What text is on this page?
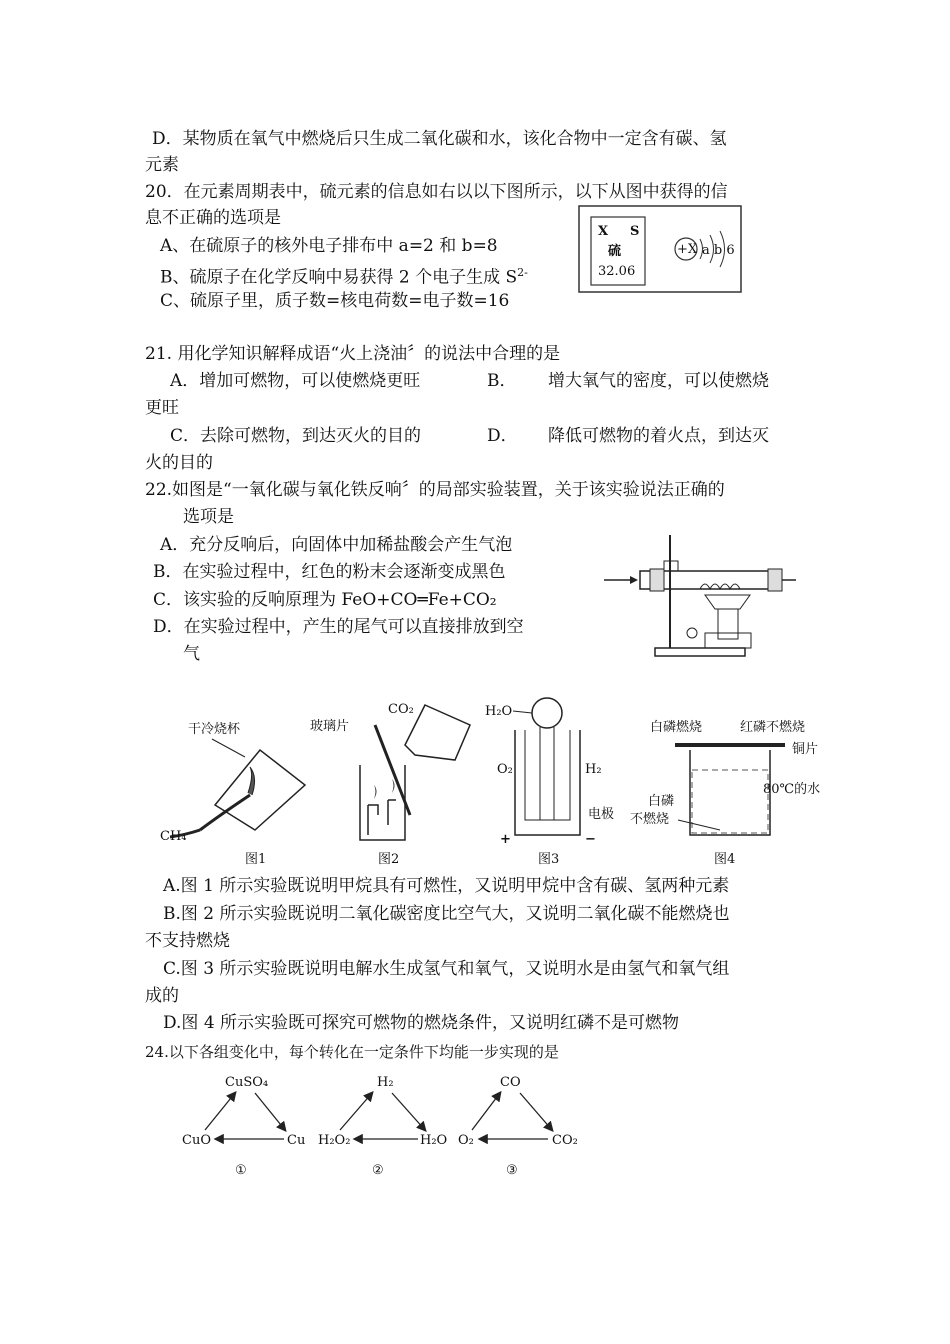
D．某物质在氧气中燃烧后只生成二氧化碳和水，该化合物中一定含有碳、氢
元素
20．在元素周期表中，硫元素的信息如右以以下图所示，以下从图中获得的信
息不正确的选项是
A、在硫原子的核外电子排布中 a=2 和 b=8
B、硫原子在化学反响中易获得 2 个电子生成 $S^{2-}$
C、硫原子里，质子数=核电荷数=电子数=16
X S
硫
32.06
+X a b 6
21. 用化学知识解释成语“火上浇油〞的说法中合理的是
A．增加可燃物，可以使燃烧更旺	B． 增大氧气的密度，可以使燃烧
更旺
C．去除可燃物，到达灭火的目的	D． 降低可燃物的着火点，到达灭
火的目的
22.如图是“一氧化碳与氧化铁反响〞的局部实验装置，关于该实验说法正确的
选项是
A．充分反响后，向固体中加稀盐酸会产生气泡
B．在实验过程中，红色的粉末会逐渐变成黑色
C．该实验的反响原理为 FeO+CO═Fe+CO₂
D．在实验过程中，产生的尾气可以直接排放到空
气
干冷烧杯
CH₄
图1
玻璃片
CO₂
图2
H₂O
O₂	H₂
电极
+	−
图3
白磷燃烧	红磷不燃烧
铜片
80℃的水
白磷
不燃烧
图4
A.图 1 所示实验既说明甲烷具有可燃性，又说明甲烷中含有碳、氢两种元素
B.图 2 所示实验既说明二氧化碳密度比空气大，又说明二氧化碳不能燃烧也
不支持燃烧
C.图 3 所示实验既说明电解水生成氢气和氧气，又说明水是由氢气和氧气组
成的
D.图 4 所示实验既可探究可燃物的燃烧条件，又说明红磷不是可燃物
24.以下各组变化中，每个转化在一定条件下均能一步实现的是
CuSO₄
CuO	Cu
①
H₂
H₂O₂	H₂O
②
CO
O₂	CO₂
③
